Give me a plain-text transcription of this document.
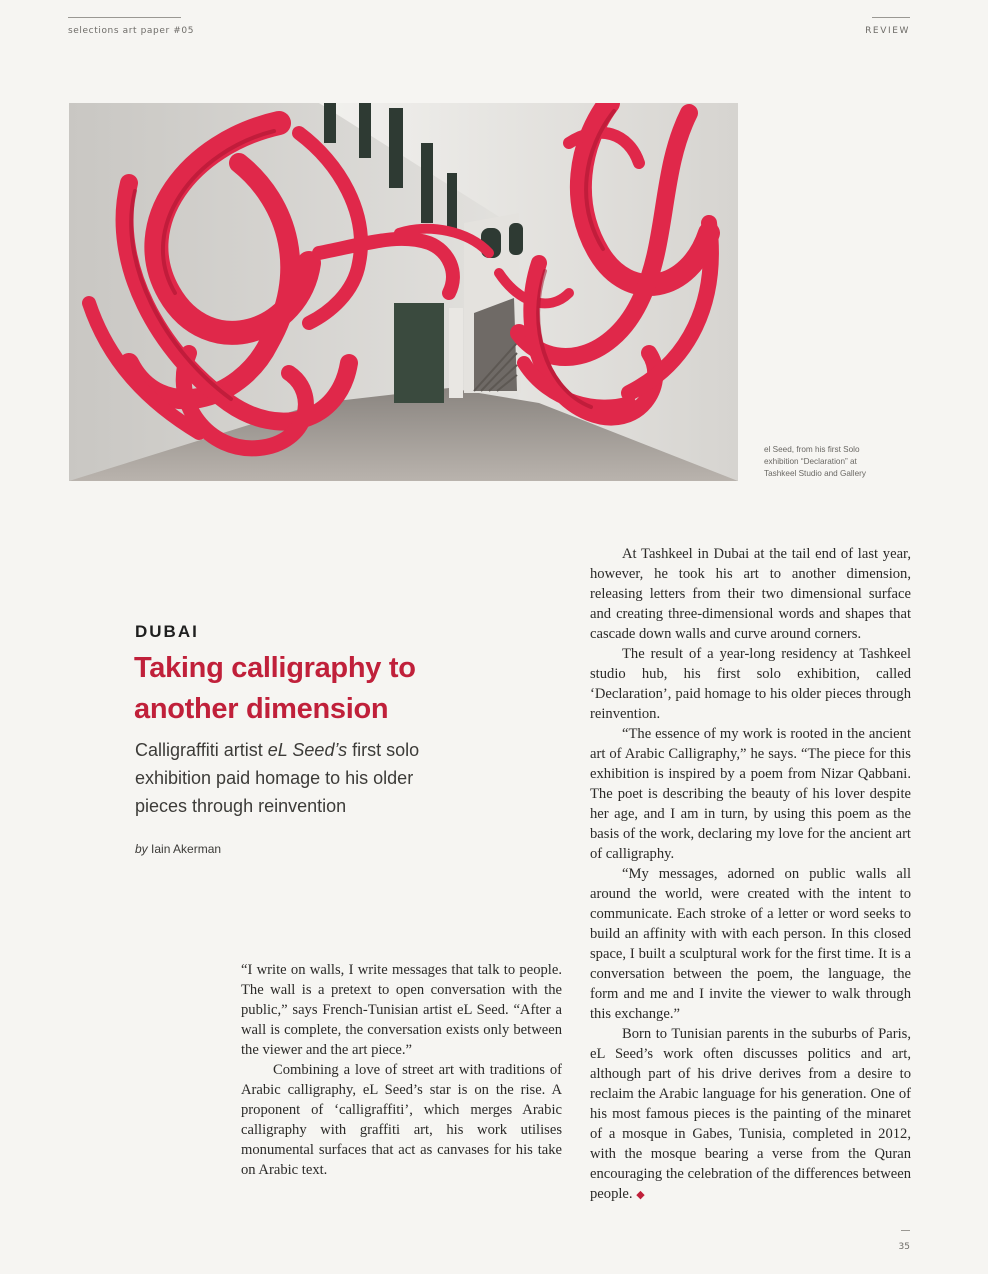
selections art paper #05	REVIEW
el Seed, from his first Solo
exhibition “Declaration” at
Tashkeel Studio and Gallery
DUBAI
Taking calligraphy to
another dimension
Calligraffiti artist eL Seed’s first solo exhibition paid homage to his older pieces through reinvention
by Iain Akerman

“I write on walls, I write messages that talk to people. The wall is a pretext to open conversation with the public,” says French-Tunisian artist eL Seed. “After a wall is complete, the conversation exists only between the viewer and the art piece.”

Combining a love of street art with traditions of Arabic calligraphy, eL Seed’s star is on the rise. A proponent of ‘calligraffiti’, which merges Arabic calligraphy with graffiti art, his work utilises monumental surfaces that act as canvases for his take on Arabic text.

At Tashkeel in Dubai at the tail end of last year, however, he took his art to another dimension, releasing letters from their two dimensional surface and creating three-dimensional words and shapes that cascade down walls and curve around corners.

The result of a year-long residency at Tashkeel studio hub, his first solo exhibition, called ‘Declaration’, paid homage to his older pieces through reinvention.

“The essence of my work is rooted in the ancient art of Arabic Calligraphy,” he says. “The piece for this exhibition is inspired by a poem from Nizar Qabbani. The poet is describing the beauty of his lover despite her age, and I am in turn, by using this poem as the basis of the work, declaring my love for the ancient art of calligraphy.

“My messages, adorned on public walls all around the world, were created with the intent to communicate. Each stroke of a letter or word seeks to build an affinity with with each person. In this closed space, I built a sculptural work for the first time. It is a conversation between the poem, the language, the form and me and I invite the viewer to walk through this exchange.”

Born to Tunisian parents in the suburbs of Paris, eL Seed’s work often discusses politics and art, although part of his drive derives from a desire to reclaim the Arabic language for his generation. One of his most famous pieces is the painting of the minaret of a mosque in Gabes, Tunisia, completed in 2012, with the mosque bearing a verse from the Quran encouraging the celebration of the differences between people. ◆

35
